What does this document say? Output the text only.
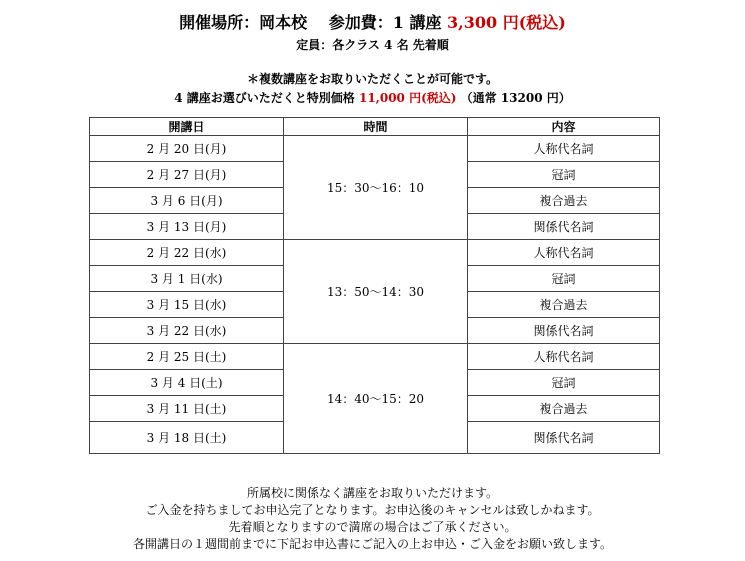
開催場所：岡本校　 参加費：1 講座 3,300 円(税込)
定員：各クラス 4 名 先着順
＊複数講座をお取りいただくことが可能です。
4 講座お選びいただくと特別価格 11,000 円(税込) （通常 13200 円）
開講日	時間	内容
2 月 20 日(月)	15：30〜16：10	人称代名詞
2 月 27 日(月)		冠詞
3 月 6 日(月)		複合過去
3 月 13 日(月)		関係代名詞
2 月 22 日(水)	13：50〜14：30	人称代名詞
3 月 1 日(水)		冠詞
3 月 15 日(水)		複合過去
3 月 22 日(水)		関係代名詞
2 月 25 日(土)	14：40〜15：20	人称代名詞
3 月 4 日(土)		冠詞
3 月 11 日(土)		複合過去
3 月 18 日(土)		関係代名詞
所属校に関係なく講座をお取りいただけます。
ご入金を持ちましてお申込完了となります。お申込後のキャンセルは致しかねます。
先着順となりますので満席の場合はご了承ください。
各開講日の１週間前までに下記お申込書にご記入の上お申込・ご入金をお願い致します。
